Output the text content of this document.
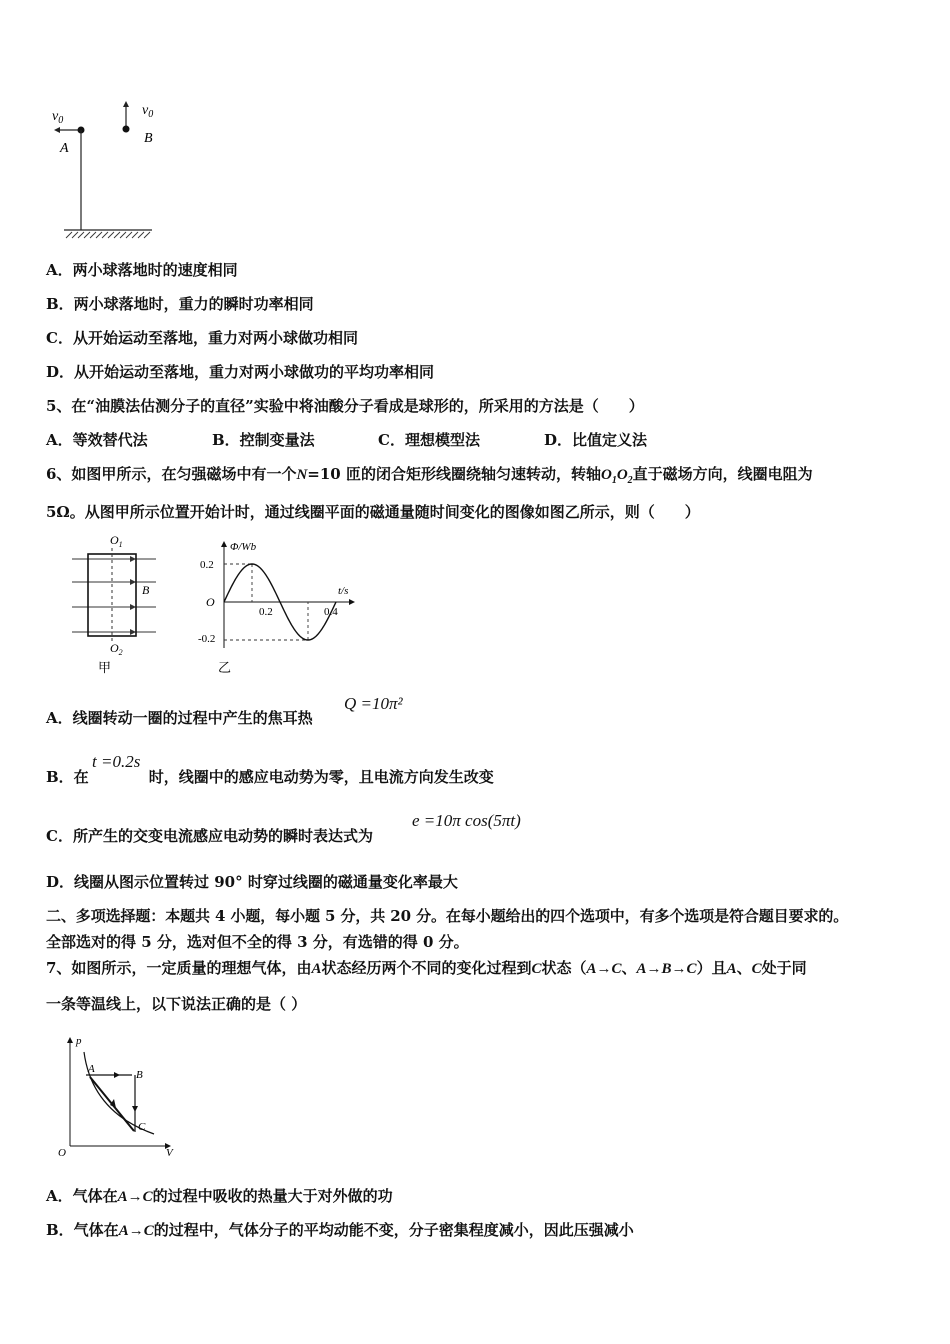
$v_0$
A
$v_0$
B
A．两小球落地时的速度相同
B．两小球落地时，重力的瞬时功率相同
C．从开始运动至落地，重力对两小球做功相同
D．从开始运动至落地，重力对两小球做功的平均功率相同
5、在“油膜法估测分子的直径”实验中将油酸分子看成是球形的，所采用的方法是（　　）
A．等效替代法	B．控制变量法	C．理想模型法	D．比值定义法
6、如图甲所示，在匀强磁场中有一个N=10 匝的闭合矩形线圈绕轴匀速转动，转轴$O_1O_2$直于磁场方向，线圈电阻为
5Ω。从图甲所示位置开始计时，通过线圈平面的磁通量随时间变化的图像如图乙所示，则（　　）
$O_1$
B
$O_2$
甲
Φ/Wb
t/s
O
0.2
-0.2
0.2	0.4
乙
A．线圈转动一圈的过程中产生的焦耳热
Q =10π²
B．在	时，线圈中的感应电动势为零，且电流方向发生改变
t =0.2s
C．所产生的交变电流感应电动势的瞬时表达式为
e =10π cos(5πt)
D．线圈从图示位置转过 90° 时穿过线圈的磁通量变化率最大
二、多项选择题：本题共 4 小题，每小题 5 分，共 20 分。在每小题给出的四个选项中，有多个选项是符合题目要求的。
全部选对的得 5 分，选对但不全的得 3 分，有选错的得 0 分。
7、如图所示，一定质量的理想气体，由A状态经历两个不同的变化过程到C状态（A→C、A→B→C）且A、C处于同
一条等温线上，以下说法正确的是（ ）
p
V
O
A	B
C
A．气体在A→C的过程中吸收的热量大于对外做的功
B．气体在A→C的过程中，气体分子的平均动能不变，分子密集程度减小，因此压强减小
